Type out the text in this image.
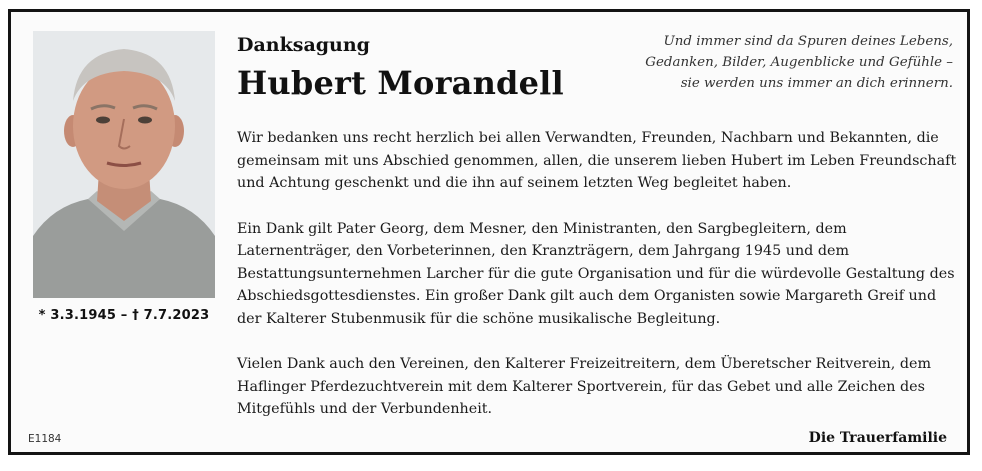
* 3.3.1945 – † 7.7.2023
Danksagung
Hubert Morandell
Und immer sind da Spuren deines Lebens,
Gedanken, Bilder, Augenblicke und Gefühle –
sie werden uns immer an dich erinnern.

Wir bedanken uns recht herzlich bei allen Verwandten, Freunden, Nachbarn und Bekannten, die gemeinsam mit uns Abschied genommen, allen, die unserem lieben Hubert im Leben Freundschaft und Achtung geschenkt und die ihn auf seinem letzten Weg begleitet haben.

Ein Dank gilt Pater Georg, dem Mesner, den Ministranten, den Sargbegleitern, dem Laternenträger, den Vorbeterinnen, den Kranzträgern, dem Jahrgang 1945 und dem Bestattungsunternehmen Larcher für die gute Organisation und für die würdevolle Gestaltung des Abschiedsgottesdienstes. Ein großer Dank gilt auch dem Organisten sowie Margareth Greif und der Kalterer Stubenmusik für die schöne musikalische Begleitung.

Vielen Dank auch den Vereinen, den Kalterer Freizeitreitern, dem Überetscher Reitverein, dem Haflinger Pferdezuchtverein mit dem Kalterer Sportverein, für das Gebet und alle Zeichen des Mitgefühls und der Verbundenheit.

E1184	Die Trauerfamilie
